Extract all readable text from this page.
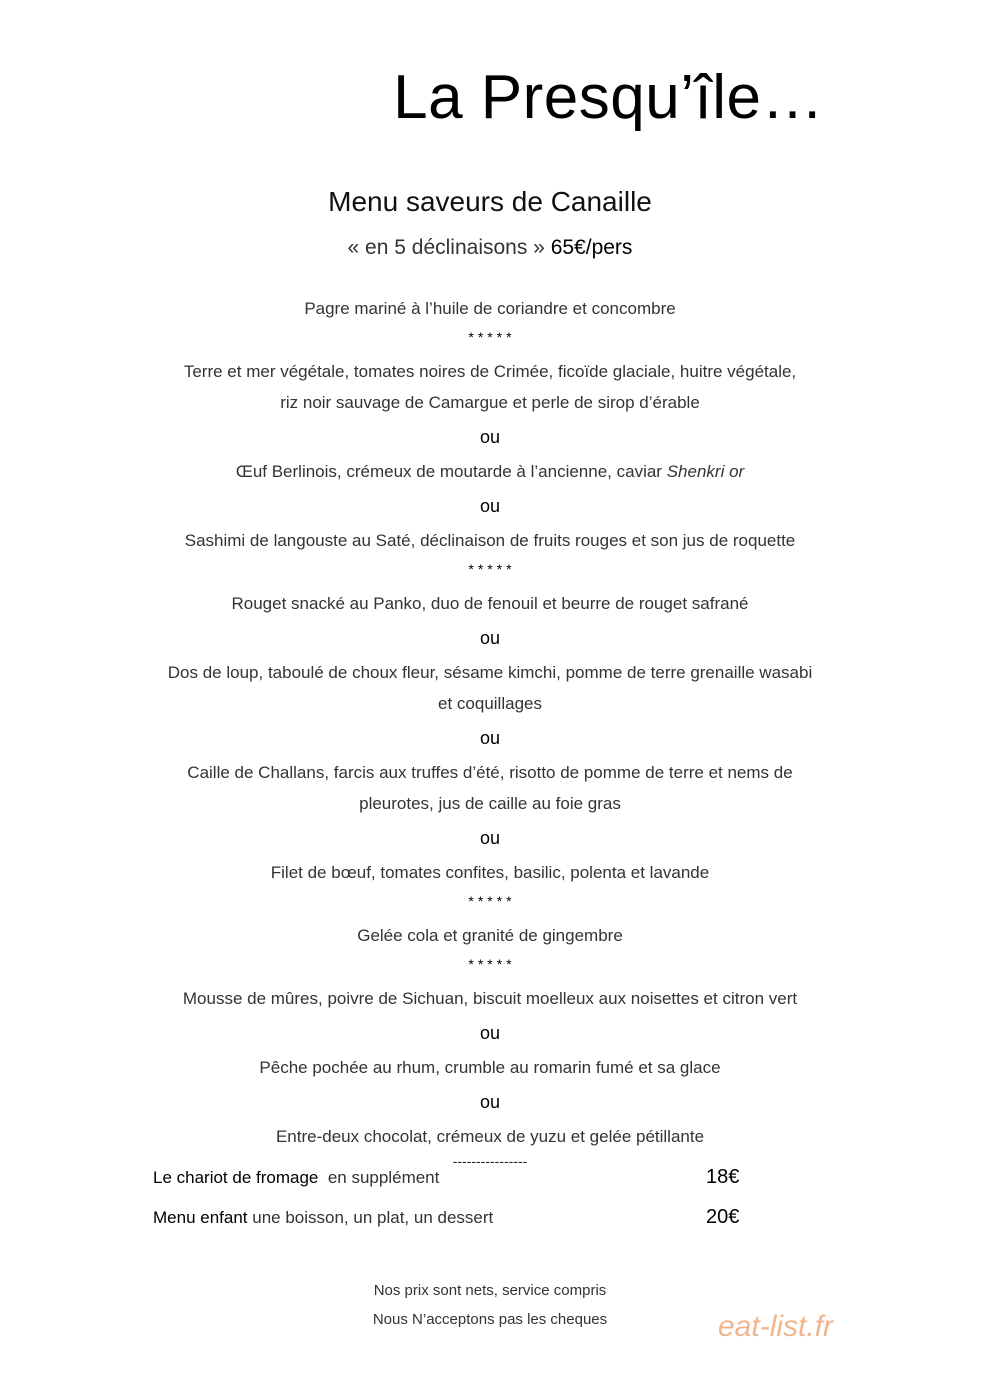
La Presqu’île…
Menu saveurs de Canaille
« en 5 déclinaisons » 65€/pers

Pagre mariné à l’huile de coriandre et concombre

*****

Terre et mer végétale, tomates noires de Crimée, ficoïde glaciale, huitre végétale,
riz noir sauvage de Camargue et perle de sirop d’érable

ou

Œuf Berlinois, crémeux de moutarde à l’ancienne, caviar Shenkri or

ou

Sashimi de langouste au Saté, déclinaison de fruits rouges et son jus de roquette

*****

Rouget snacké au Panko, duo de fenouil et beurre de rouget safrané

ou

Dos de loup, taboulé de choux fleur, sésame kimchi, pomme de terre grenaille wasabi
et coquillages

ou

Caille de Challans, farcis aux truffes d’été, risotto de pomme de terre et nems de
pleurotes, jus de caille au foie gras

ou

Filet de bœuf, tomates confites, basilic, polenta et lavande

*****

Gelée cola et granité de gingembre

*****

Mousse de mûres, poivre de Sichuan, biscuit moelleux aux noisettes et citron vert

ou

Pêche pochée au rhum, crumble au romarin fumé et sa glace

ou

Entre-deux chocolat, crémeux de yuzu et gelée pétillante

----------------
Le chariot de fromage en supplément	18€
Menu enfant une boisson, un plat, un dessert	20€
Nos prix sont nets, service compris
Nous N’acceptons pas les cheques	eat-list.fr
